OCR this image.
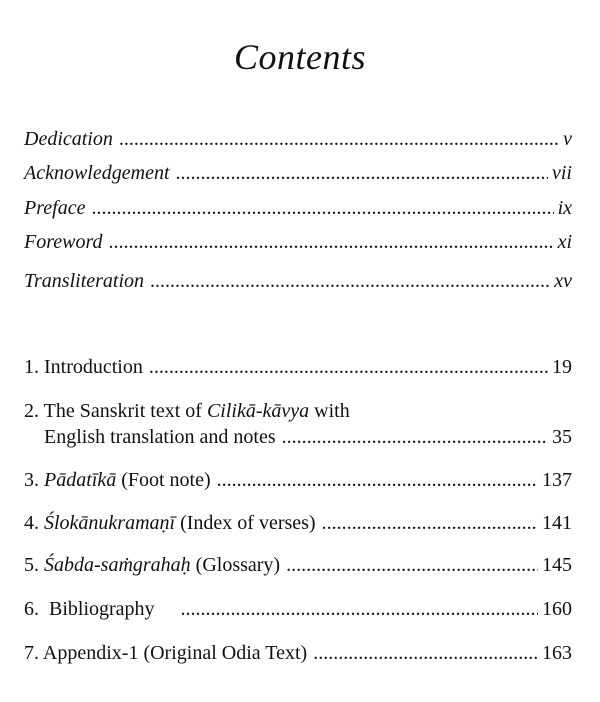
Contents
Dedication .....	v
Acknowledgement .....	vii
Preface .....	ix
Foreword .....	xi
Transliteration .....	xv
1. Introduction .....	19
2. The Sanskrit text of Cilikā-kāvya with
English translation and notes .....	35
3. Pādatīkā (Foot note) .....	137
4. Ślokānukramaṇī (Index of verses) .....	141
5. Śabda-saṁgrahaḥ (Glossary) .....	145
6. Bibliography .....	160
7. Appendix-1 (Original Odia Text) .....	163
